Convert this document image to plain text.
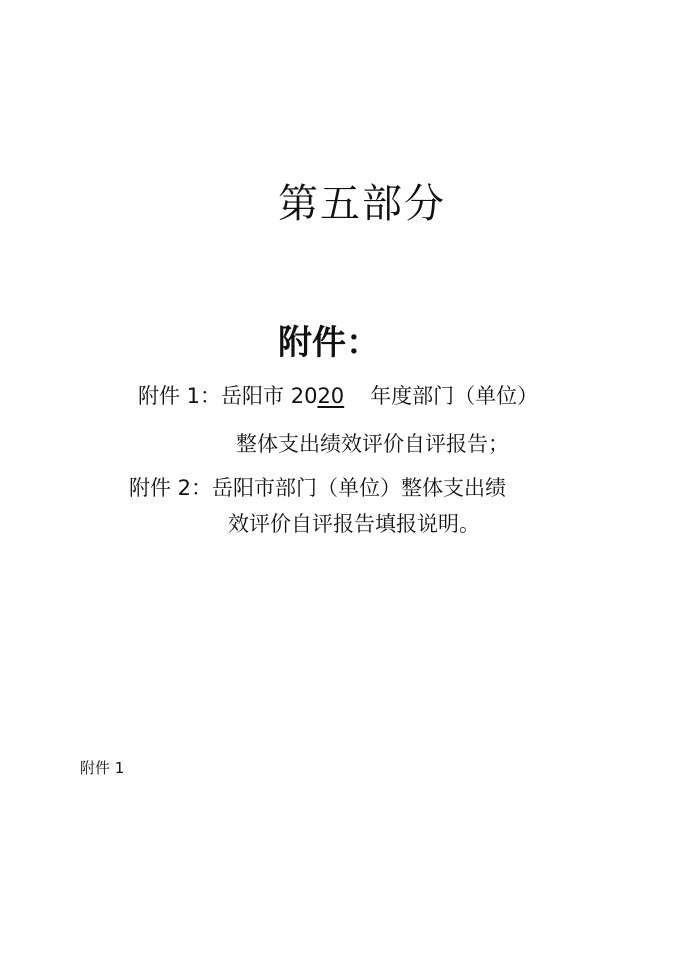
第五部分
附件：
附件 1：岳阳市 2020 年度部门（单位）
整体支出绩效评价自评报告；
附件 2：岳阳市部门（单位）整体支出绩
效评价自评报告填报说明。
附件 1
